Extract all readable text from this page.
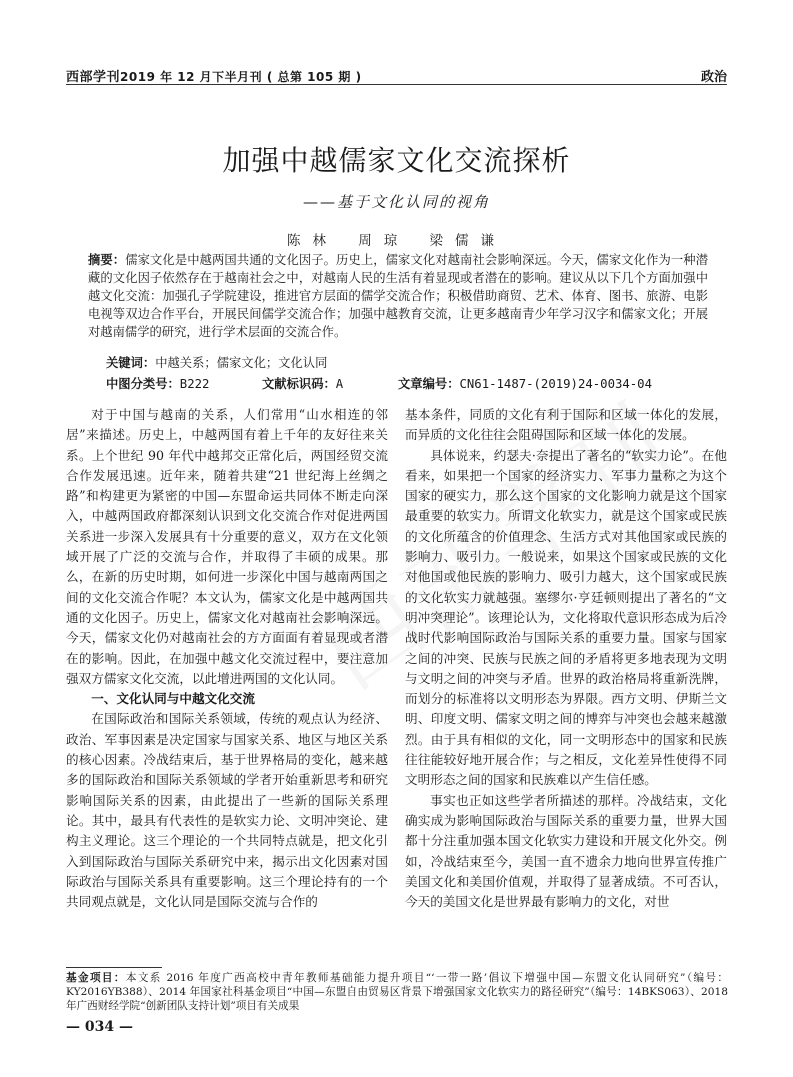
西部学刊2019 年 12 月下半月刊 ( 总第 105 期 )	政治
加强中越儒家文化交流探析
——基于文化认同的视角
陈林 周琼 梁儒谦
摘要：儒家文化是中越两国共通的文化因子。历史上，儒家文化对越南社会影响深远。今天，儒家文化作为一种潜藏的文化因子依然存在于越南社会之中，对越南人民的生活有着显现或者潜在的影响。建议从以下几个方面加强中越文化交流：加强孔子学院建设，推进官方层面的儒学交流合作；积极借助商贸、艺术、体育、图书、旅游、电影电视等双边合作平台，开展民间儒学交流合作；加强中越教育交流，让更多越南青少年学习汉字和儒家文化；开展对越南儒学的研究，进行学术层面的交流合作。
关键词：中越关系；儒家文化；文化认同
中图分类号：B222	文献标识码：A	文章编号：CN61-1487-(2019)24-0034-04

对于中国与越南的关系，人们常用“山水相连的邻居”来描述。历史上，中越两国有着上千年的友好往来关系。上个世纪 90 年代中越邦交正常化后，两国经贸交流合作发展迅速。近年来，随着共建“21 世纪海上丝绸之路”和构建更为紧密的中国—东盟命运共同体不断走向深入，中越两国政府都深刻认识到文化交流合作对促进两国关系进一步深入发展具有十分重要的意义，双方在文化领域开展了广泛的交流与合作，并取得了丰硕的成果。那么，在新的历史时期，如何进一步深化中国与越南两国之间的文化交流合作呢？本文认为，儒家文化是中越两国共通的文化因子。历史上，儒家文化对越南社会影响深远。今天，儒家文化仍对越南社会的方方面面有着显现或者潜在的影响。因此，在加强中越文化交流过程中，要注意加强双方儒家文化交流，以此增进两国的文化认同。

一、文化认同与中越文化交流

在国际政治和国际关系领域，传统的观点认为经济、政治、军事因素是决定国家与国家关系、地区与地区关系的核心因素。冷战结束后，基于世界格局的变化，越来越多的国际政治和国际关系领域的学者开始重新思考和研究影响国际关系的因素，由此提出了一些新的国际关系理论。其中，最具有代表性的是软实力论、文明冲突论、建构主义理论。这三个理论的一个共同特点就是，把文化引入到国际政治与国际关系研究中来，揭示出文化因素对国际政治与国际关系具有重要影响。这三个理论持有的一个共同观点就是，文化认同是国际交流与合作的

基本条件，同质的文化有利于国际和区域一体化的发展，而异质的文化往往会阻碍国际和区域一体化的发展。

具体说来，约瑟夫·奈提出了著名的“软实力论”。在他看来，如果把一个国家的经济实力、军事力量称之为这个国家的硬实力，那么这个国家的文化影响力就是这个国家最重要的软实力。所谓文化软实力，就是这个国家或民族的文化所蕴含的价值理念、生活方式对其他国家或民族的影响力、吸引力。一般说来，如果这个国家或民族的文化对他国或他民族的影响力、吸引力越大，这个国家或民族的文化软实力就越强。塞缪尔·亨廷顿则提出了著名的“文明冲突理论”。该理论认为，文化将取代意识形态成为后冷战时代影响国际政治与国际关系的重要力量。国家与国家之间的冲突、民族与民族之间的矛盾将更多地表现为文明与文明之间的冲突与矛盾。世界的政治格局将重新洗牌，而划分的标准将以文明形态为界限。西方文明、伊斯兰文明、印度文明、儒家文明之间的博弈与冲突也会越来越激烈。由于具有相似的文化，同一文明形态中的国家和民族往往能较好地开展合作；与之相反，文化差异性使得不同文明形态之间的国家和民族难以产生信任感。

事实也正如这些学者所描述的那样。冷战结束，文化确实成为影响国际政治与国际关系的重要力量，世界大国都十分注重加强本国文化软实力建设和开展文化外交。例如，冷战结束至今，美国一直不遗余力地向世界宣传推广美国文化和美国价值观，并取得了显著成绩。不可否认，今天的美国文化是世界最有影响力的文化，对世

基金项目：本文系 2016 年度广西高校中青年教师基础能力提升项目“‘一带一路’倡议下增强中国—东盟文化认同研究”（编号：KY2016YB388）、2014 年国家社科基金项目“中国—东盟自由贸易区背景下增强国家文化软实力的路径研究”（编号：14BKS063）、2018 年广西财经学院“创新团队支持计划”项目有关成果
— 034 —
